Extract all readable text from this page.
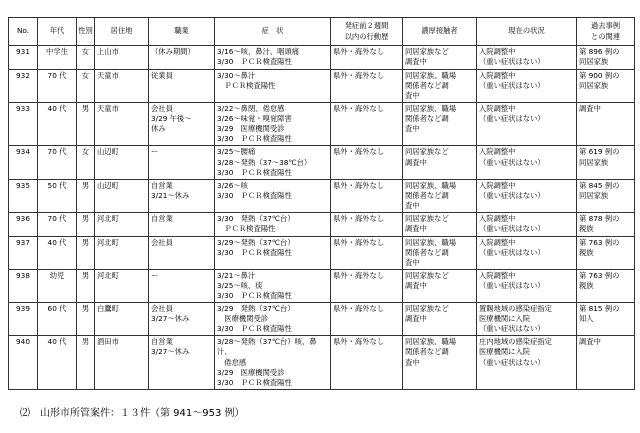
No.	年代	性別	居住地	職業	症　状	発症前２週間
以内の行動歴	濃厚接触者	現在の状況	過去事例
との関連
931	中学生	女	上山市	（休み期間）	3/16～咳、鼻汁、咽頭痛
3/30　ＰＣＲ検査陽性	県外・海外なし	同居家族など
調査中	入院調整中
（重い症状はない）	第 896 例の
同居家族
932	70 代	女	天童市	従業員	3/30～鼻汁
　ＰＣＲ検査陽性	県外・海外なし	同居家族、職場
関係者など調
査中	入院調整中
（重い症状はない）	第 900 例の
同居家族
933	40 代	男	天童市	会社員
3/29 午後～
休み	3/22～鼻閉、倦怠感
3/26～味覚・嗅覚障害
3/29　医療機関受診
3/30　ＰＣＲ検査陽性	県外・海外なし	同居家族、職場
関係者など調
査中	入院調整中
（重い症状はない）	調査中
934	70 代	女	山辺町	ー	3/25～腰痛
3/28～発熱（37～38℃台）
3/30　ＰＣＲ検査陽性	県外・海外なし	同居家族など
調査中	入院調整中
（重い症状はない）	第 619 例の
同居家族
935	50 代	男	山辺町	自営業
3/21～休み	3/26～咳
3/30　ＰＣＲ検査陽性	県外・海外なし	同居家族、職場
関係者など調
査中	入院調整中
（重い症状はない）	第 845 例の
同居家族
936	70 代	男	河北町	自営業	3/30　発熱（37℃台）
　ＰＣＲ検査陽性	県外・海外なし	同居家族など
調査中	入院調整中
（重い症状はない）	第 878 例の
親族
937	40 代	男	河北町	会社員	3/29～発熱（37℃台）
3/30　ＰＣＲ検査陽性	県外・海外なし	同居家族、職場
関係者など調
査中	入院調整中
（重い症状はない）	第 763 例の
親族
938	幼児	男	河北町	ー	3/21～鼻汁
3/25～咳、痰
3/30　ＰＣＲ検査陽性	県外・海外なし	同居家族など
調査中	入院調整中
（重い症状はない）	第 763 例の
親族
939	60 代	男	白鷹町	会社員
3/27～休み	3/29　発熱（37℃台）
　医療機関受診
3/30　ＰＣＲ検査陽性	県外・海外なし	同居家族など
調査中	置賜地域の感染症指定
医療機関に入院
（重い症状はない）	第 815 例の
知人
940	40 代	男	酒田市	自営業
3/27～休み	3/28～発熱（37℃台）咳、鼻汁、
　倦怠感
3/29　医療機関受診
3/30　ＰＣＲ検査陽性	県外・海外なし	同居家族、職場
関係者など調
査中	庄内地域の感染症指定
医療機関に入院
（重い症状はない）	調査中
⑵　山形市所管案件：１３件（第 941～953 例）
